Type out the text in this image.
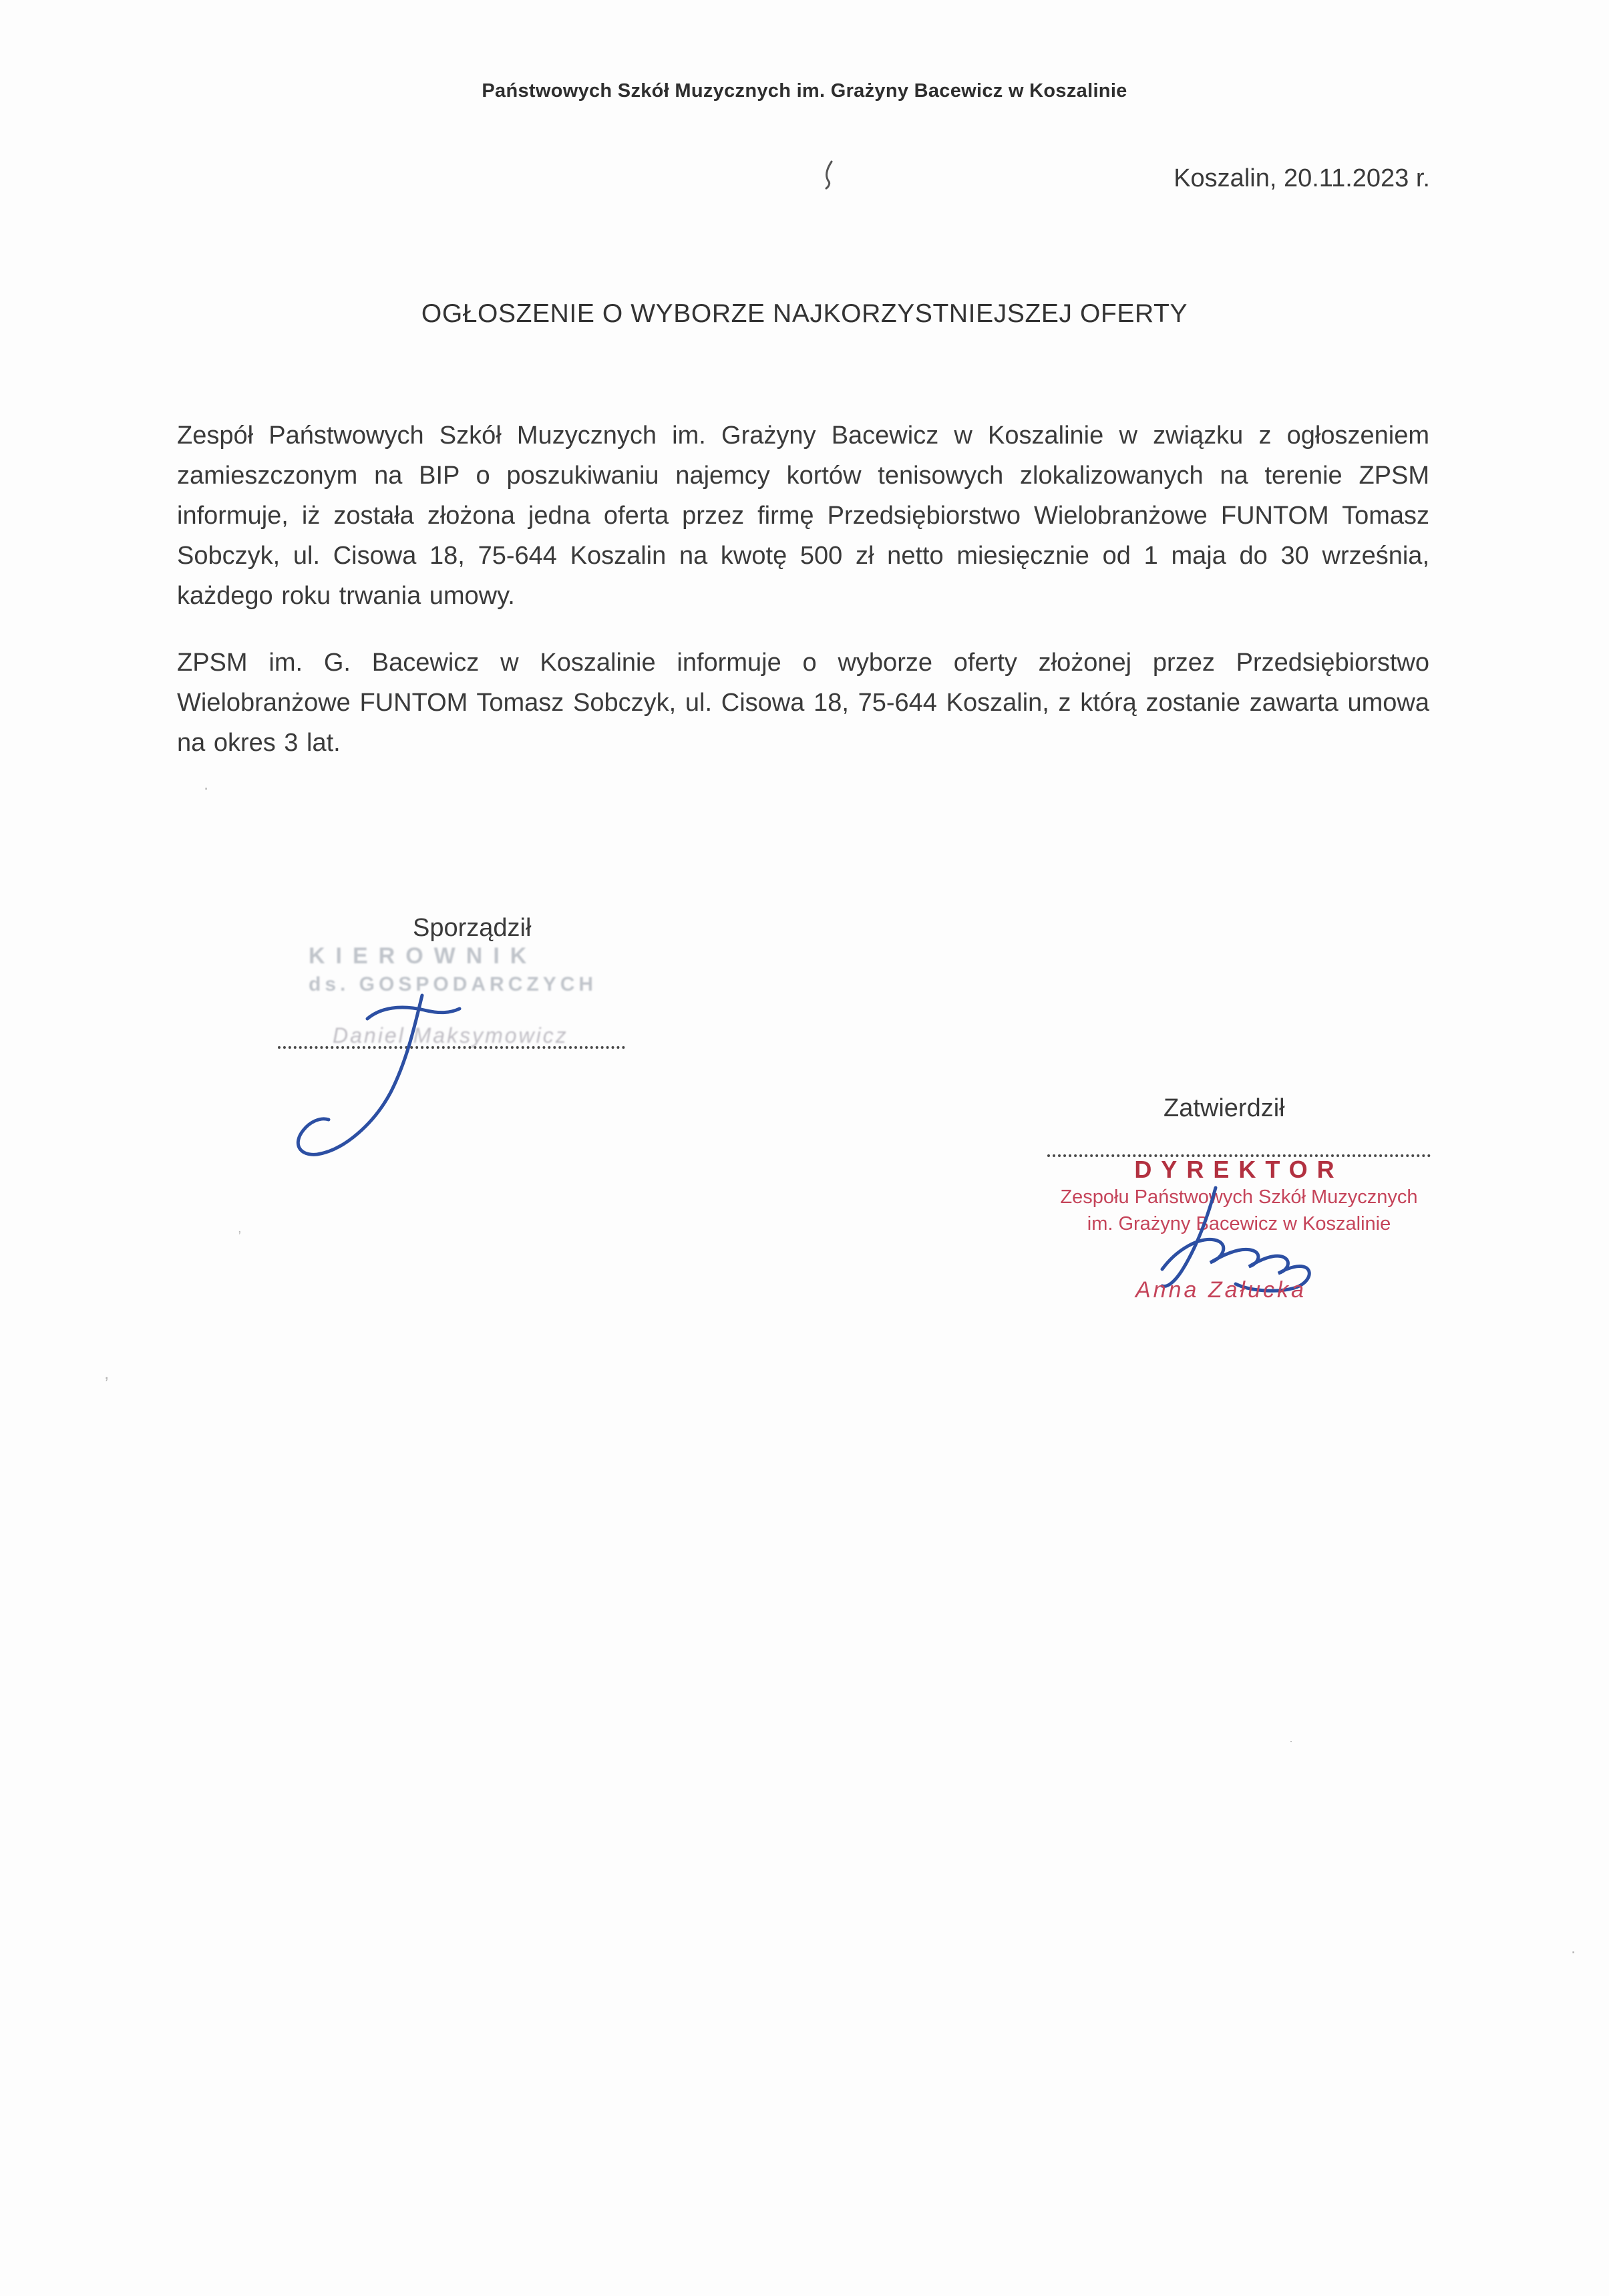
Państwowych Szkół Muzycznych im. Grażyny Bacewicz w Koszalinie
Koszalin, 20.11.2023 r.
OGŁOSZENIE O WYBORZE NAJKORZYSTNIEJSZEJ OFERTY
Zespół Państwowych Szkół Muzycznych im. Grażyny Bacewicz w Koszalinie w związku z ogłoszeniem zamieszczonym na BIP o poszukiwaniu najemcy kortów tenisowych zlokalizowanych na terenie ZPSM informuje, iż została złożona jedna oferta przez firmę Przedsiębiorstwo Wielobranżowe FUNTOM Tomasz Sobczyk, ul. Cisowa 18, 75-644 Koszalin na kwotę 500 zł netto miesięcznie od 1 maja do 30 września, każdego roku trwania umowy.
ZPSM im. G. Bacewicz w Koszalinie informuje o wyborze oferty złożonej przez Przedsiębiorstwo Wielobranżowe FUNTOM Tomasz Sobczyk, ul. Cisowa 18, 75-644 Koszalin, z którą zostanie zawarta umowa na okres 3 lat.
Sporządził
KIEROWNIK
ds. GOSPODARCZYCH
Daniel Maksymowicz
Zatwierdził
DYREKTOR
Zespołu Państwowych Szkół Muzycznych
im. Grażyny Bacewicz w Koszalinie
Anna Załucka
,
.
.
,
·
